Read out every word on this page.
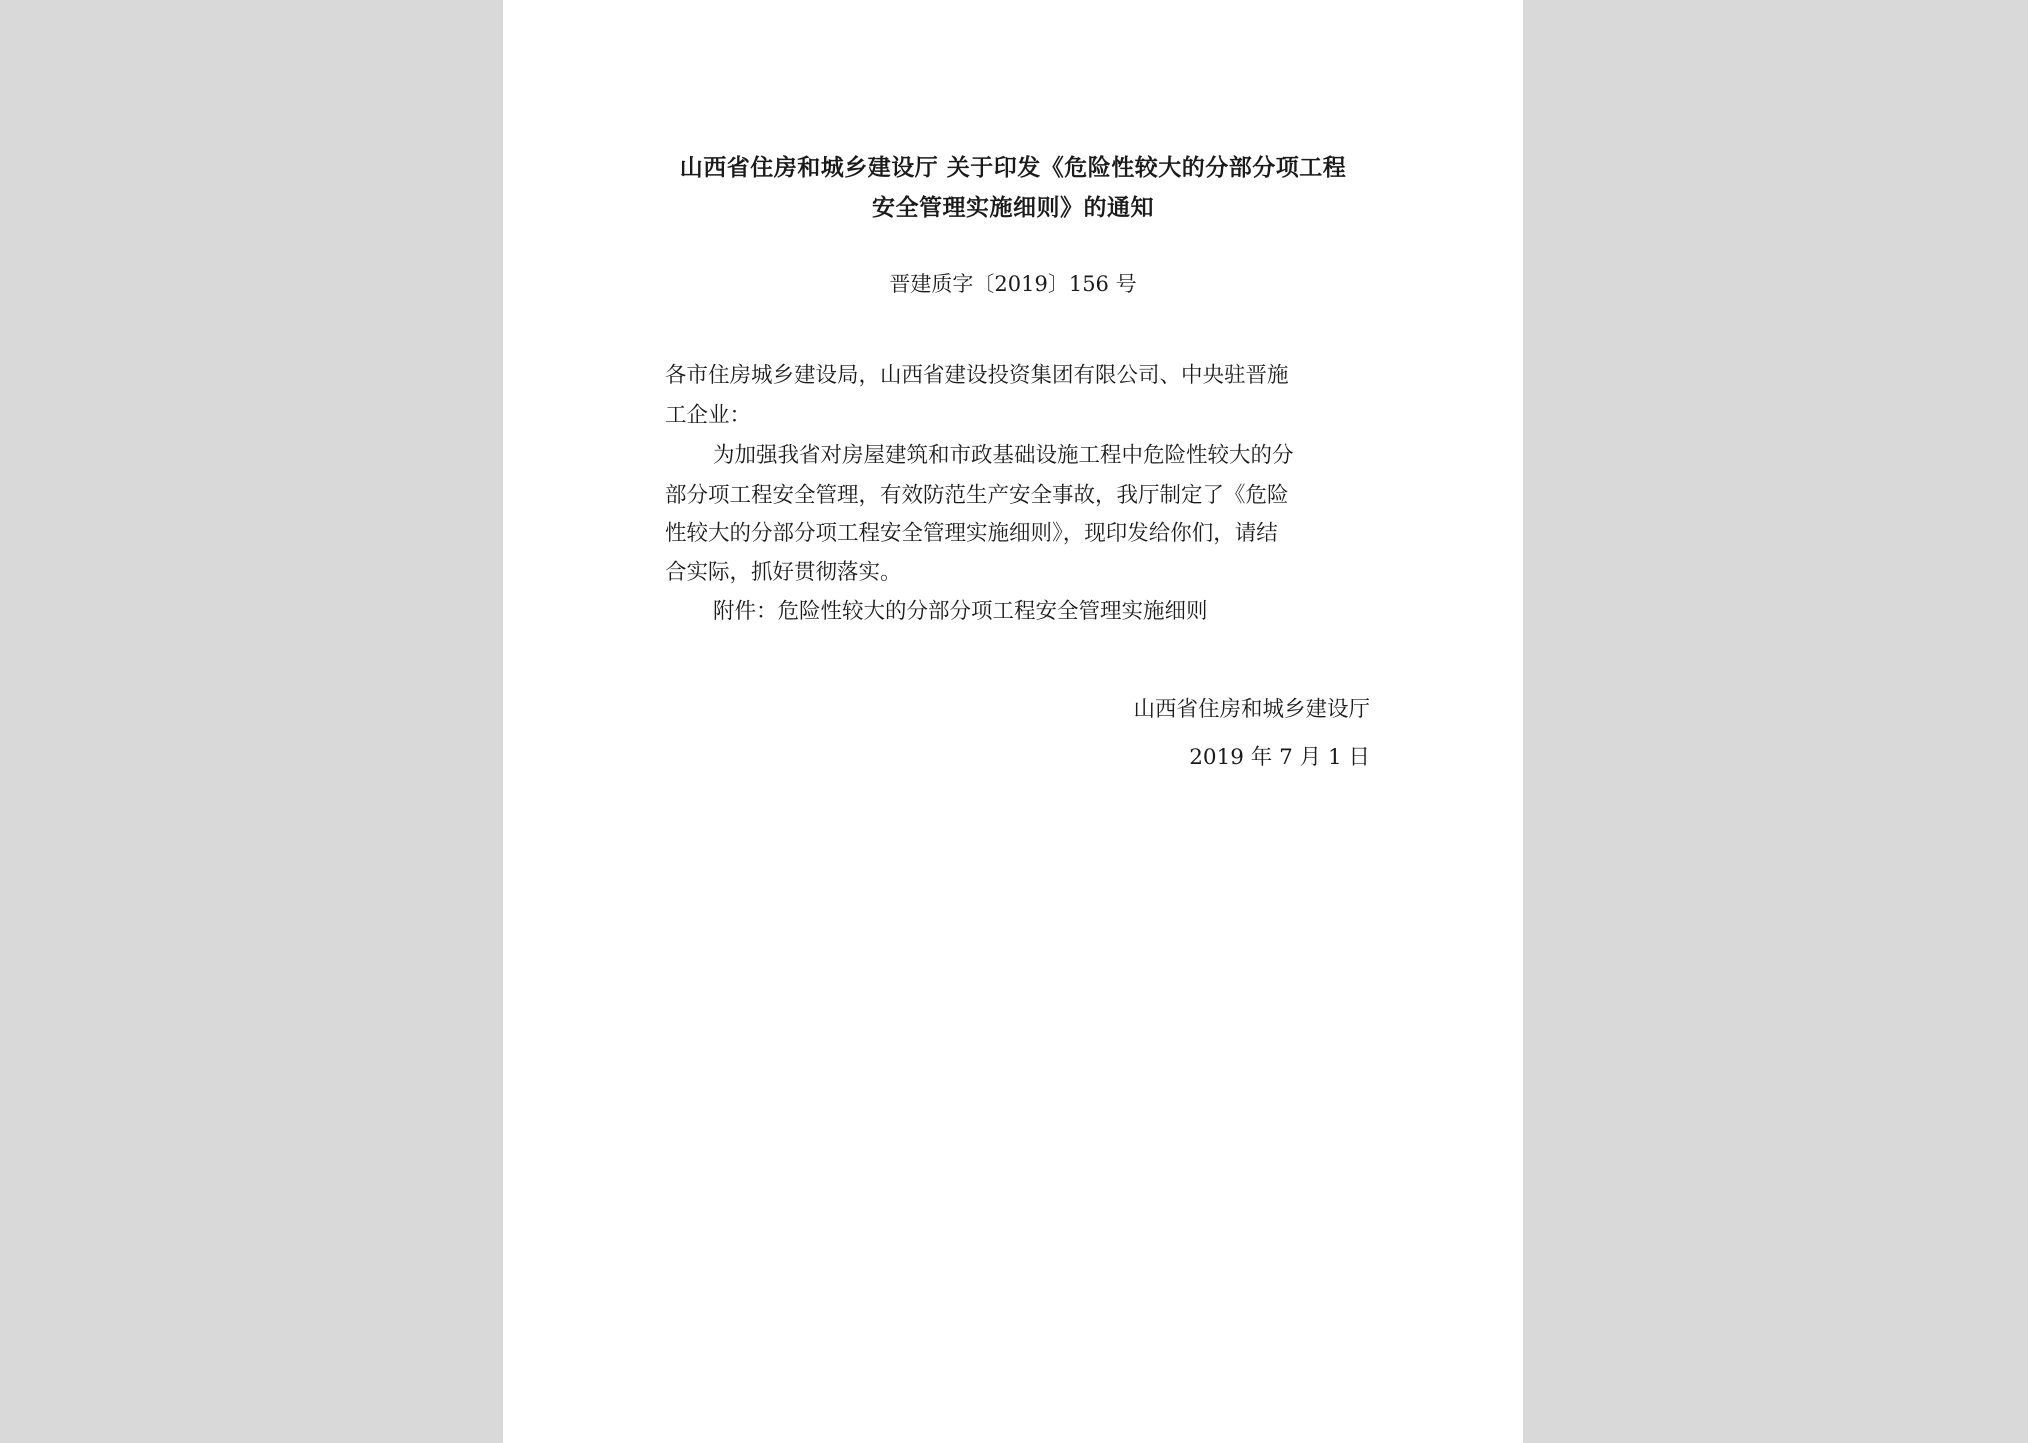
山西省住房和城乡建设厅 关于印发《危险性较大的分部分项工程
安全管理实施细则》的通知
晋建质字〔2019〕156 号
各市住房城乡建设局，山西省建设投资集团有限公司、中央驻晋施
工企业：
为加强我省对房屋建筑和市政基础设施工程中危险性较大的分
部分项工程安全管理，有效防范生产安全事故，我厅制定了《危险
性较大的分部分项工程安全管理实施细则》，现印发给你们，请结
合实际，抓好贯彻落实。
附件：危险性较大的分部分项工程安全管理实施细则
山西省住房和城乡建设厅
2019 年 7 月 1 日
